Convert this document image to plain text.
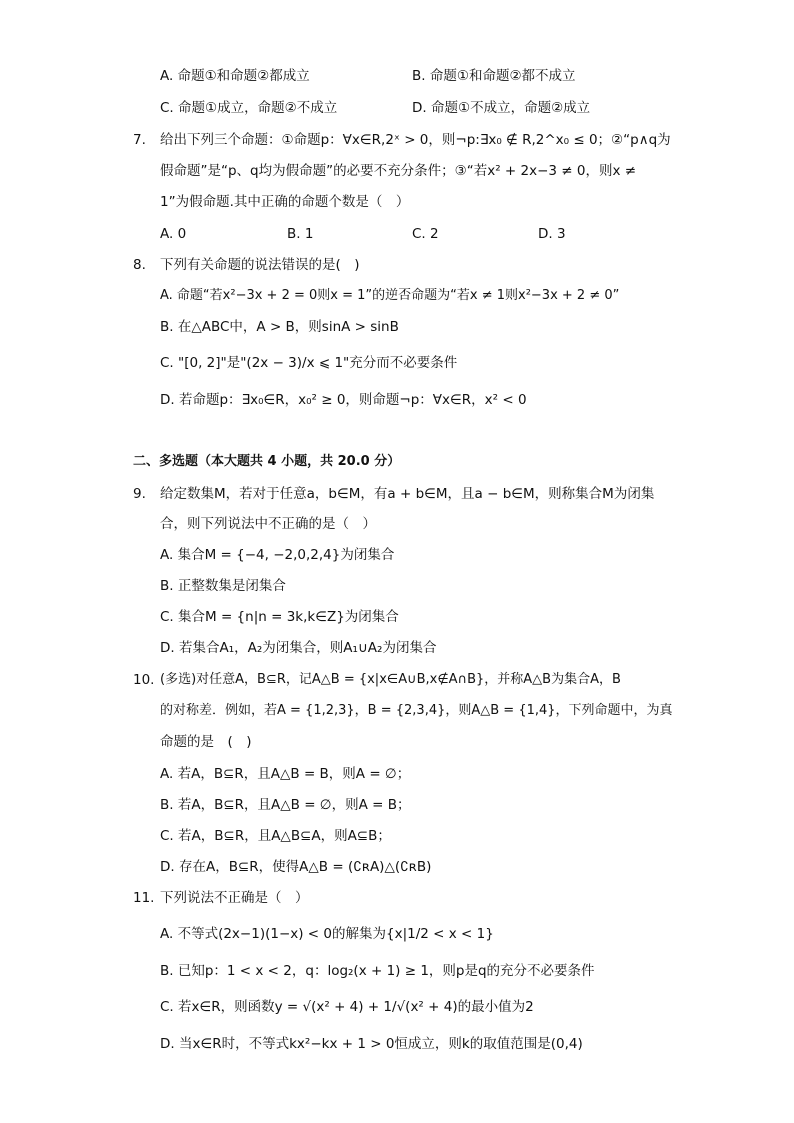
A. 命题①和命题②都成立	B. 命题①和命题②都不成立
C. 命题①成立，命题②不成立	D. 命题①不成立，命题②成立
7. 给出下列三个命题：①命题p：∀x∈R,2ˣ > 0，则¬p:∃x₀ ∉ R,2^x₀ ≤ 0；②“p∧q为
假命题”是“p、q均为假命题”的必要不充分条件；③“若x² + 2x−3 ≠ 0，则x ≠
1”为假命题.其中正确的命题个数是（　）
A. 0	B. 1	C. 2	D. 3
8. 下列有关命题的说法错误的是(　)
A. 命题“若x²−3x + 2 = 0则x = 1”的逆否命题为“若x ≠ 1则x²−3x + 2 ≠ 0”
B. 在△ABC中，A > B，则sinA > sinB
C. "[0, 2]"是"(2x − 3)/x ⩽ 1"充分而不必要条件
D. 若命题p：∃x₀∈R，x₀² ≥ 0，则命题¬p：∀x∈R，x² < 0
二、多选题（本大题共 4 小题，共 20.0 分）
9. 给定数集M，若对于任意a，b∈M，有a + b∈M，且a − b∈M，则称集合M为闭集
合，则下列说法中不正确的是（　）
A. 集合M = {−4, −2,0,2,4}为闭集合
B. 正整数集是闭集合
C. 集合M = {n|n = 3k,k∈Z}为闭集合
D. 若集合A₁，A₂为闭集合，则A₁∪A₂为闭集合
10. (多选)对任意A，B⊆R，记A△B = {x|x∈A∪B,x∉A∩B}，并称A△B为集合A，B
的对称差．例如，若A = {1,2,3}，B = {2,3,4}，则A△B = {1,4}，下列命题中，为真
命题的是　(　)
A. 若A，B⊆R，且A△B = B，则A = ∅；
B. 若A，B⊆R，且A△B = ∅，则A = B；
C. 若A，B⊆R，且A△B⊆A，则A⊆B；
D. 存在A，B⊆R，使得A△B = (∁ʀA)△(∁ʀB)
11. 下列说法不正确是（　）
A. 不等式(2x−1)(1−x) < 0的解集为{x|1/2 < x < 1}
B. 已知p：1 < x < 2，q：log₂(x + 1) ≥ 1，则p是q的充分不必要条件
C. 若x∈R，则函数y = √(x² + 4) + 1/√(x² + 4)的最小值为2
D. 当x∈R时，不等式kx²−kx + 1 > 0恒成立，则k的取值范围是(0,4)
